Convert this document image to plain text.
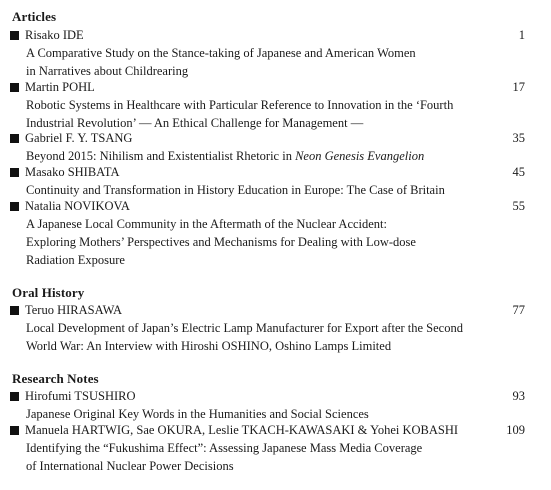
Articles
Risako IDE	1
A Comparative Study on the Stance-taking of Japanese and American Women
in Narratives about Childrearing
Martin POHL	17
Robotic Systems in Healthcare with Particular Reference to Innovation in the ‘Fourth
Industrial Revolution’ — An Ethical Challenge for Management —
Gabriel F. Y. TSANG	35
Beyond 2015: Nihilism and Existentialist Rhetoric in Neon Genesis Evangelion
Masako SHIBATA	45
Continuity and Transformation in History Education in Europe: The Case of Britain
Natalia NOVIKOVA	55
A Japanese Local Community in the Aftermath of the Nuclear Accident:
Exploring Mothers’ Perspectives and Mechanisms for Dealing with Low-dose
Radiation Exposure
Oral History
Teruo HIRASAWA	77
Local Development of Japan’s Electric Lamp Manufacturer for Export after the Second
World War: An Interview with Hiroshi OSHINO, Oshino Lamps Limited
Research Notes
Hirofumi TSUSHIRO	93
Japanese Original Key Words in the Humanities and Social Sciences
Manuela HARTWIG, Sae OKURA, Leslie TKACH-KAWASAKI & Yohei KOBASHI	109
Identifying the “Fukushima Effect”: Assessing Japanese Mass Media Coverage
of International Nuclear Power Decisions
